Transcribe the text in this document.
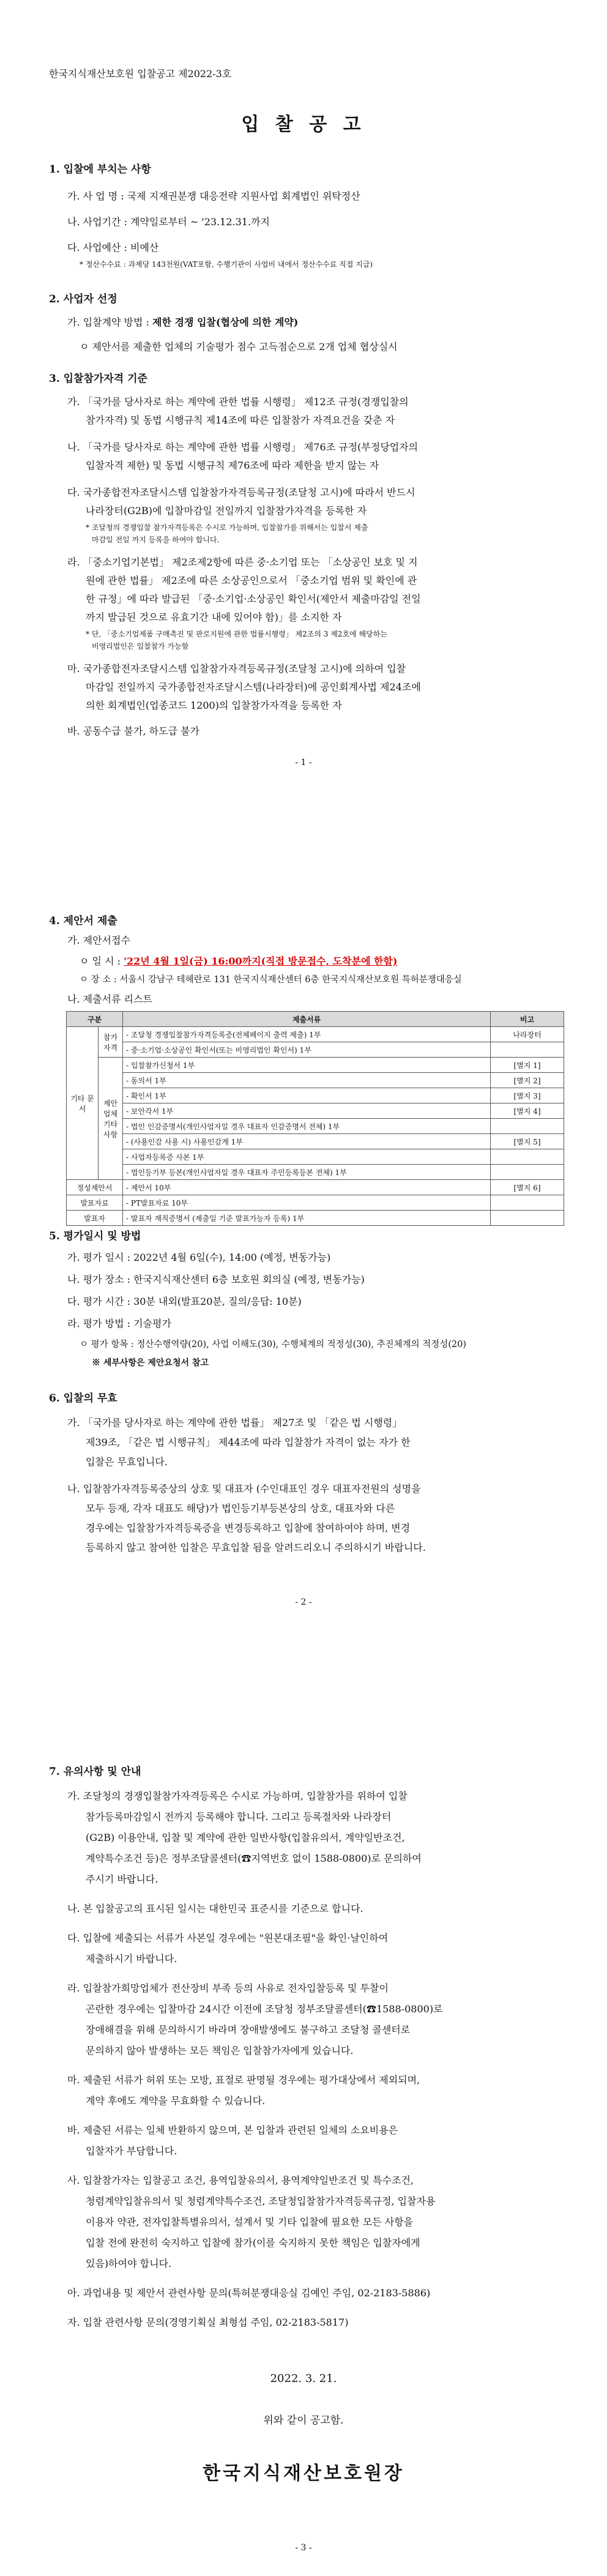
한국지식재산보호원 입찰공고 제2022-3호
입 찰 공 고
1. 입찰에 부치는 사항
가. 사 업 명 : 국제 지재권분쟁 대응전략 지원사업 회계법인 위탁정산
나. 사업기간 : 계약일로부터 ~ '23.12.31.까지
다. 사업예산 : 비예산
* 정산수수료 : 과제당 143천원(VAT포함, 수행기관이 사업비 내에서 정산수수료 직접 지급)
2. 사업자 선정
가. 입찰계약 방법 : 제한 경쟁 입찰(협상에 의한 계약)
ㅇ 제안서를 제출한 업체의 기술평가 점수 고득점순으로 2개 업체 협상실시
3. 입찰참가자격 기준
가. 「국가를 당사자로 하는 계약에 관한 법률 시행령」 제12조 규정(경쟁입찰의
참가자격) 및 동법 시행규칙 제14조에 따른 입찰참가 자격요건을 갖춘 자
나. 「국가를 당사자로 하는 계약에 관한 법률 시행령」 제76조 규정(부정당업자의
입찰자격 제한) 및 동법 시행규칙 제76조에 따라 제한을 받지 않는 자
다. 국가종합전자조달시스템 입찰참가자격등록규정(조달청 고시)에 따라서 반드시
나라장터(G2B)에 입찰마감일 전일까지 입찰참가자격을 등록한 자
* 조달청의 경쟁입찰 참가자격등록은 수시로 가능하며, 입찰참가를 위해서는 입찰서 제출
마감일 전일 까지 등록을 하여야 합니다.
라. 「중소기업기본법」 제2조제2항에 따른 중·소기업 또는 「소상공인 보호 및 지
원에 관한 법률」 제2조에 따른 소상공인으로서 「중소기업 범위 및 확인에 관
한 규정」에 따라 발급된 「중·소기업·소상공인 확인서(제안서 제출마감일 전일
까지 발급된 것으로 유효기간 내에 있어야 함)」를 소지한 자
* 단, 「중소기업제품 구매촉진 및 판로지원에 관한 법률시행령」 제2조의 3 제2호에 해당하는
비영리법인은 입찰참가 가능함
마. 국가종합전자조달시스템 입찰참가자격등록규정(조달청 고시)에 의하여 입찰
마감일 전일까지 국가종합전자조달시스템(나라장터)에 공인회계사법 제24조에
의한 회계법인(업종코드 1200)의 입찰참가자격을 등록한 자
바. 공동수급 불가, 하도급 불가
- 1 -
4. 제안서 제출
가. 제안서접수
ㅇ 일 시 : '22년 4월 1일(금) 16:00까지(직접 방문접수, 도착분에 한함)
ㅇ 장 소 : 서울시 강남구 테헤란로 131 한국지식재산센터 6층 한국지식재산보호원 특허분쟁대응실
나. 제출서류 리스트
구분		제출서류	비고
기타 문서	참가 자격	- 조달청 경쟁입찰참가자격등록증(전체페이지 출력 제출) 1부	나라장터
		- 중·소기업·소상공인 확인서(또는 비영리법인 확인서) 1부	
	제안 업체 기타 사항	- 입찰참가신청서 1부	[별지 1]
		- 동의서 1부	[별지 2]
		- 확인서 1부	[별지 3]
		- 보안각서 1부	[별지 4]
		- 법인 인감증명서(개인사업자일 경우 대표자 인감증명서 전체) 1부	
		- (사용인감 사용 시) 사용인감계 1부	[별지 5]
		- 사업자등록증 사본 1부	
		- 법인등기부 등본(개인사업자일 경우 대표자 주민등록등본 전체) 1부	
정성제안서		- 제안서 10부	[별지 6]
발표자료		- PT발표자료 10부	
발표자		- 발표자 재직증명서 (제출일 기준 발표가능자 등록) 1부	
5. 평가일시 및 방법
가. 평가 일시 : 2022년 4월 6일(수), 14:00 (예정, 변동가능)
나. 평가 장소 : 한국지식재산센터 6층 보호원 회의실 (예정, 변동가능)
다. 평가 시간 : 30분 내외(발표20분, 질의/응답: 10분)
라. 평가 방법 : 기술평가
ㅇ 평가 항목 : 정산수행역량(20), 사업 이해도(30), 수행체계의 적정성(30), 추진체계의 적정성(20)
※ 세부사항은 제안요청서 참고
6. 입찰의 무효
가. 「국가를 당사자로 하는 계약에 관한 법률」 제27조 및 「같은 법 시행령」
제39조, 「같은 법 시행규칙」 제44조에 따라 입찰참가 자격이 없는 자가 한
입찰은 무효입니다.
나. 입찰참가자격등록증상의 상호 및 대표자 (수인대표인 경우 대표자전원의 성명을
모두 등재, 각자 대표도 해당)가 법인등기부등본상의 상호, 대표자와 다른
경우에는 입찰참가자격등록증을 변경등록하고 입찰에 참여하여야 하며, 변경
등록하지 않고 참여한 입찰은 무효입찰 됨을 알려드리오니 주의하시기 바랍니다.
- 2 -
7. 유의사항 및 안내
가. 조달청의 경쟁입찰참가자격등록은 수시로 가능하며, 입찰참가를 위하여 입찰
참가등록마감일시 전까지 등록해야 합니다. 그리고 등록절차와 나라장터
(G2B) 이용안내, 입찰 및 계약에 관한 일반사항(입찰유의서, 계약일반조건,
계약특수조건 등)은 정부조달콜센터(☎지역번호 없이 1588-0800)로 문의하여
주시기 바랍니다.
나. 본 입찰공고의 표시된 일시는 대한민국 표준시를 기준으로 합니다.
다. 입찰에 제출되는 서류가 사본일 경우에는 "원본대조필"을 확인·날인하여
제출하시기 바랍니다.
라. 입찰참가희망업체가 전산장비 부족 등의 사유로 전자입찰등록 및 투찰이
곤란한 경우에는 입찰마감 24시간 이전에 조달청 정부조달콜센터(☎1588-0800)로
장애해결을 위해 문의하시기 바라며 장애발생에도 불구하고 조달청 콜센터로
문의하지 않아 발생하는 모든 책임은 입찰참가자에게 있습니다.
마. 제출된 서류가 허위 또는 모방, 표절로 판명될 경우에는 평가대상에서 제외되며,
계약 후에도 계약을 무효화할 수 있습니다.
바. 제출된 서류는 일체 반환하지 않으며, 본 입찰과 관련된 일체의 소요비용은
입찰자가 부담합니다.
사. 입찰참가자는 입찰공고 조건, 용역입찰유의서, 용역계약일반조건 및 특수조건,
청렴계약입찰유의서 및 청렴계약특수조건, 조달청입찰참가자격등록규정, 입찰자용
이용자 약관, 전자입찰특별유의서, 설계서 및 기타 입찰에 필요한 모든 사항을
입찰 전에 완전히 숙지하고 입찰에 참가(이를 숙지하지 못한 책임은 입찰자에게
있음)하여야 합니다.
아. 과업내용 및 제안서 관련사항 문의(특허분쟁대응실 김예인 주임, 02-2183-5886)
자. 입찰 관련사항 문의(경영기획실 최형섭 주임, 02-2183-5817)
2022. 3. 21.
위와 같이 공고함.
한국지식재산보호원장
- 3 -
